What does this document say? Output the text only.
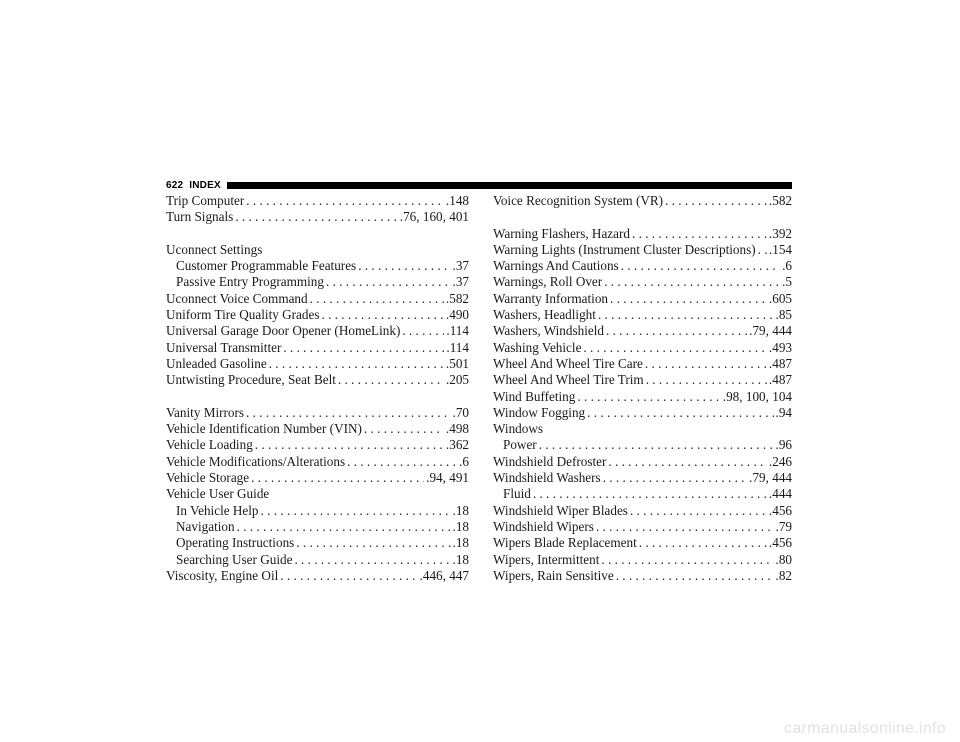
622 INDEX
Trip Computer . . .	.148
Turn Signals . . .	.76, 160, 401
Uconnect Settings
Customer Programmable Features . . .	.37
Passive Entry Programming . . .	.37
Uconnect Voice Command . . .	.582
Uniform Tire Quality Grades . . .	.490
Universal Garage Door Opener (HomeLink) . . .	.114
Universal Transmitter . . .	.114
Unleaded Gasoline . . .	.501
Untwisting Procedure, Seat Belt . . .	.205
Vanity Mirrors . . .	.70
Vehicle Identification Number (VIN) . . .	.498
Vehicle Loading . . .	.362
Vehicle Modifications/Alterations . . .	.6
Vehicle Storage . . .	.94, 491
Vehicle User Guide
In Vehicle Help . . .	.18
Navigation . . .	.18
Operating Instructions . . .	.18
Searching User Guide . . .	.18
Viscosity, Engine Oil . . .	.446, 447
Voice Recognition System (VR) . . .	.582
Warning Flashers, Hazard . . .	.392
Warning Lights (Instrument Cluster Descriptions) . . . .154
Warnings And Cautions . . .	.6
Warnings, Roll Over . . .	.5
Warranty Information . . .	.605
Washers, Headlight . . .	.85
Washers, Windshield . . .	.79, 444
Washing Vehicle . . .	.493
Wheel And Wheel Tire Care . . .	.487
Wheel And Wheel Tire Trim . . .	.487
Wind Buffeting . . .	.98, 100, 104
Window Fogging . . .	.94
Windows
Power . . .	.96
Windshield Defroster . . .	.246
Windshield Washers . . .	.79, 444
Fluid . . .	.444
Windshield Wiper Blades . . .	.456
Windshield Wipers . . .	.79
Wipers Blade Replacement . . .	.456
Wipers, Intermittent . . .	.80
Wipers, Rain Sensitive . . .	.82
carmanualsonline.info
